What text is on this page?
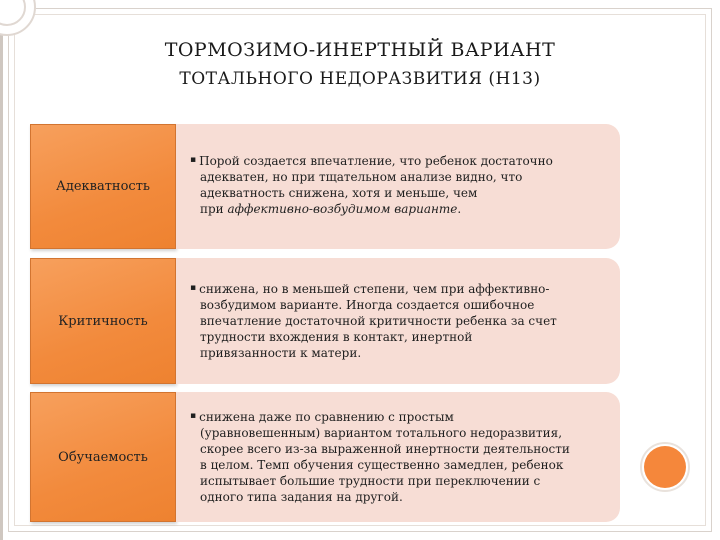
ТОРМОЗИМО-ИНЕРТНЫЙ ВАРИАНТ
ТОТАЛЬНОГО НЕДОРАЗВИТИЯ (Н13)
Адекватность

▪ Порой создается впечатление, что ребенок достаточно

адекватен, но при тщательном анализе видно, что
адекватность снижена, хотя и меньше, чем
при аффективно-возбудимом варианте.

Критичность

▪ снижена, но в меньшей степени, чем при аффективно-

возбудимом варианте. Иногда создается ошибочное
впечатление достаточной критичности ребенка за счет
трудности вхождения в контакт, инертной
привязанности к матери.

Обучаемость

▪ снижена даже по сравнению с простым

(уравновешенным) вариантом тотального недоразвития,
скорее всего из-за выраженной инертности деятельности
в целом. Темп обучения существенно замедлен, ребенок
испытывает большие трудности при переключении с
одного типа задания на другой.
